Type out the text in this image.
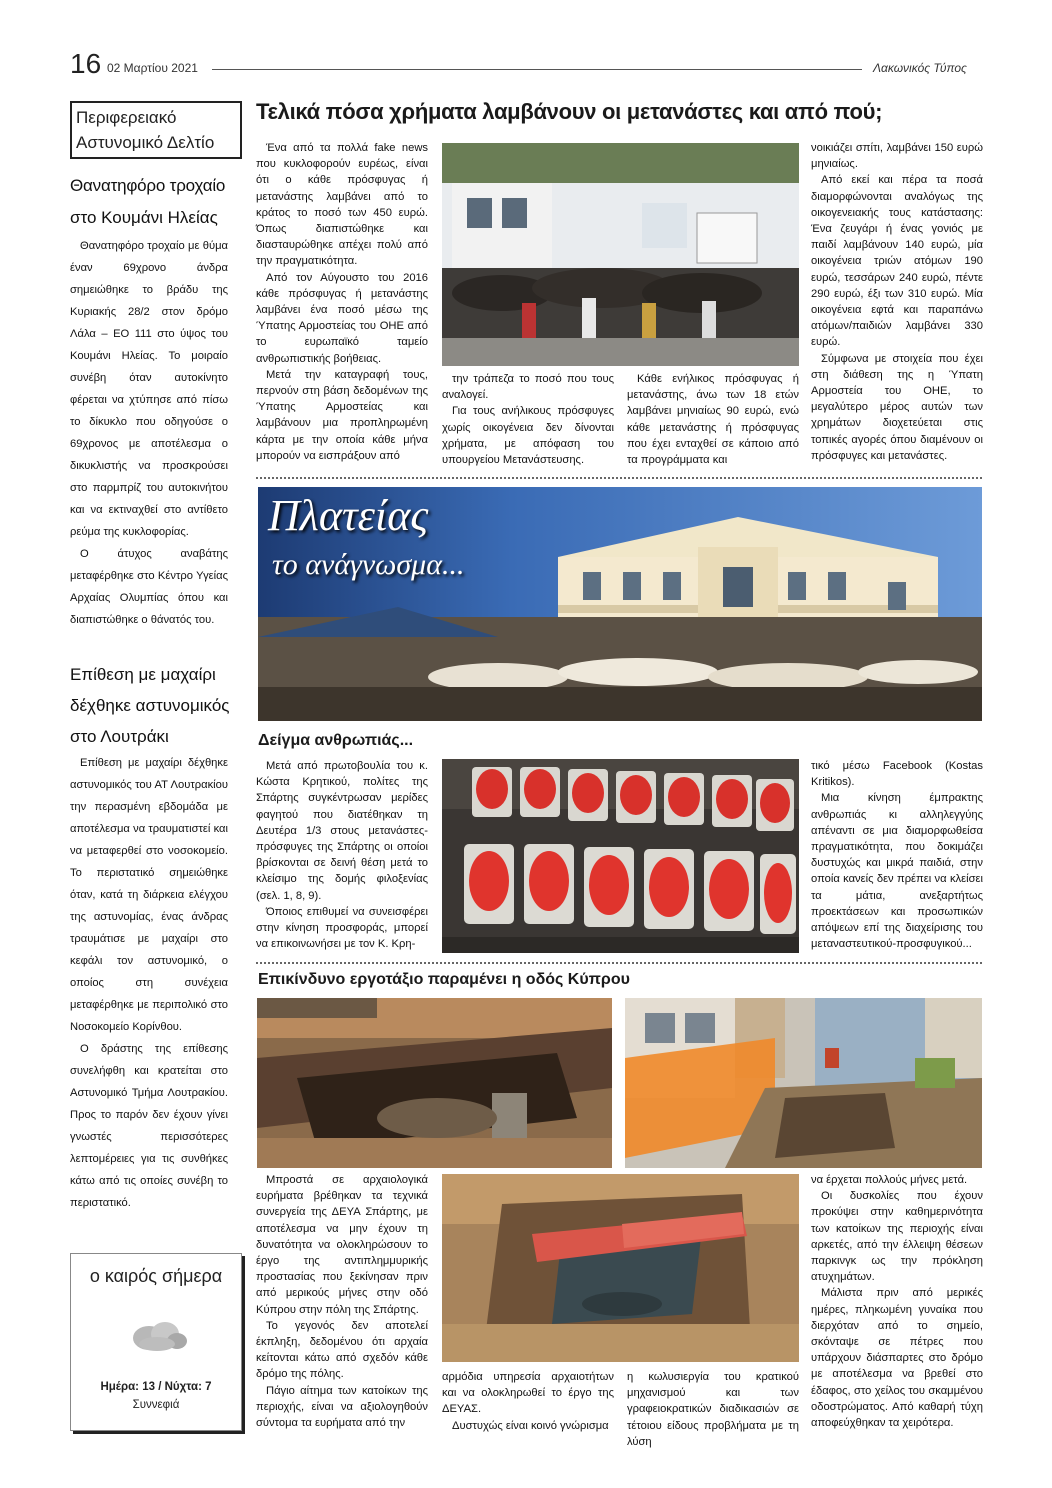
16 02 Μαρτίου 2021	Λακωνικός Τύπος
Περιφερειακό
Αστυνομικό Δελτίο
Θανατηφόρο τροχαίο
στο Κουμάνι Ηλείας

Θανατηφόρο τροχαίο με θύμα έναν 69χρονο άνδρα σημειώθηκε το βράδυ της Κυριακής 28/2 στον δρόμο Λάλα – ΕΟ 111 στο ύψος του Κουμάνι Ηλείας. Το μοιραίο συνέβη όταν αυτοκίνητο φέρεται να χτύπησε από πίσω το δίκυκλο που οδηγούσε ο 69χρονος με αποτέλεσμα ο δικυκλιστής να προσκρούσει στο παρμπρίζ του αυτοκινήτου και να εκτιναχθεί στο αντίθετο ρεύμα της κυκλοφορίας.

Ο άτυχος αναβάτης μεταφέρθηκε στο Κέντρο Υγείας Αρχαίας Ολυμπίας όπου και διαπιστώθηκε ο θάνατός του.

Επίθεση με μαχαίρι
δέχθηκε αστυνομικός
στο Λουτράκι

Επίθεση με μαχαίρι δέχθηκε αστυνομικός του ΑΤ Λουτρακίου την περασμένη εβδομάδα με αποτέλεσμα να τραυματιστεί και να μεταφερθεί στο νοσοκομείο. Το περιστατικό σημειώθηκε όταν, κατά τη διάρκεια ελέγχου της αστυνομίας, ένας άνδρας τραυμάτισε με μαχαίρι στο κεφάλι τον αστυνομικό, ο οποίος στη συνέχεια μεταφέρθηκε με περιπολικό στο Νοσοκομείο Κορίνθου.

Ο δράστης της επίθεσης συνελήφθη και κρατείται στο Αστυνομικό Τμήμα Λουτρακίου. Προς το παρόν δεν έχουν γίνει γνωστές περισσότερες λεπτομέρειες για τις συνθήκες κάτω από τις οποίες συνέβη το περιστατικό.

ο καιρός σήμερα
Ημέρα: 13 / Νύχτα: 7
Συννεφιά
Τελικά πόσα χρήματα λαμβάνουν οι μετανάστες και από πού;

Ένα από τα πολλά fake news που κυκλοφορούν ευρέως, είναι ότι ο κάθε πρόσφυγας ή μετανάστης λαμβάνει από το κράτος το ποσό των 450 ευρώ. Όπως διαπιστώθηκε και διασταυρώθηκε απέχει πολύ από την πραγματικότητα.

Από τον Αύγουστο του 2016 κάθε πρόσφυγας ή μετανάστης λαμβάνει ένα ποσό μέσω της Ύπατης Αρμοστείας του ΟΗΕ από το ευρωπαϊκό ταμείο ανθρωπιστικής βοήθειας.

Μετά την καταγραφή τους, περνούν στη βάση δεδομένων της Ύπατης Αρμοστείας και λαμβάνουν μια προπληρωμένη κάρτα με την οποία κάθε μήνα μπορούν να εισπράξουν από

την τράπεζα το ποσό που τους αναλογεί.

Για τους ανήλικους πρόσφυγες χωρίς οικογένεια δεν δίνονται χρήματα, με απόφαση του υπουργείου Μετανάστευσης.

Κάθε ενήλικος πρόσφυγας ή μετανάστης, άνω των 18 ετών λαμβάνει μηνιαίως 90 ευρώ, ενώ κάθε μετανάστης ή πρόσφυγας που έχει ενταχθεί σε κάποιο από τα προγράμματα και

νοικιάζει σπίτι, λαμβάνει 150 ευρώ μηνιαίως.

Από εκεί και πέρα τα ποσά διαμορφώνονται αναλόγως της οικογενειακής τους κατάστασης: Ένα ζευγάρι ή ένας γονιός με παιδί λαμβάνουν 140 ευρώ, μία οικογένεια τριών ατόμων 190 ευρώ, τεσσάρων 240 ευρώ, πέντε 290 ευρώ, έξι των 310 ευρώ. Μία οικογένεια εφτά και παραπάνω ατόμων/παιδιών λαμβάνει 330 ευρώ.

Σύμφωνα με στοιχεία που έχει στη διάθεση της η Ύπατη Αρμοστεία του ΟΗΕ, το μεγαλύτερο μέρος αυτών των χρημάτων διοχετεύεται στις τοπικές αγορές όπου διαμένουν οι πρόσφυγες και μετανάστες.

Πλατείας
το ανάγνωσμα...
Δείγμα ανθρωπιάς...

Μετά από πρωτοβουλία του κ. Κώστα Κρητικού, πολίτες της Σπάρτης συγκέντρωσαν μερίδες φαγητού που διατέθηκαν τη Δευτέρα 1/3 στους μετανάστες-πρόσφυγες της Σπάρτης οι οποίοι βρίσκονται σε δεινή θέση μετά το κλείσιμο της δομής φιλοξενίας (σελ. 1, 8, 9).

Όποιος επιθυμεί να συνεισφέρει στην κίνηση προσφοράς, μπορεί να επικοινωνήσει με τον Κ. Κρη-

τικό μέσω Facebook (Kostas Kritikos).

Μια κίνηση έμπρακτης ανθρωπιάς κι αλληλεγγύης απέναντι σε μια διαμορφωθείσα πραγματικότητα, που δοκιμάζει δυστυχώς και μικρά παιδιά, στην οποία κανείς δεν πρέπει να κλείσει τα μάτια, ανεξαρτήτως προεκτάσεων και προσωπικών απόψεων επί της διαχείρισης του μεταναστευτικού-προσφυγικού...

Επικίνδυνο εργοτάξιο παραμένει η οδός Κύπρου

Μπροστά σε αρχαιολογικά ευρήματα βρέθηκαν τα τεχνικά συνεργεία της ΔΕΥΑ Σπάρτης, με αποτέλεσμα να μην έχουν τη δυνατότητα να ολοκληρώσουν το έργο της αντιπλημμυρικής προστασίας που ξεκίνησαν πριν από μερικούς μήνες στην οδό Κύπρου στην πόλη της Σπάρτης.

Το γεγονός δεν αποτελεί έκπληξη, δεδομένου ότι αρχαία κείτονται κάτω από σχεδόν κάθε δρόμο της πόλης.

Πάγιο αίτημα των κατοίκων της περιοχής, είναι να αξιολογηθούν σύντομα τα ευρήματα από την

αρμόδια υπηρεσία αρχαιοτήτων και να ολοκληρωθεί το έργο της ΔΕΥΑΣ.

Δυστυχώς είναι κοινό γνώρισμα

η κωλυσιεργία του κρατικού μηχανισμού και των γραφειοκρατικών διαδικασιών σε τέτοιου είδους προβλήματα με τη λύση

να έρχεται πολλούς μήνες μετά.

Οι δυσκολίες που έχουν προκύψει στην καθημερινότητα των κατοίκων της περιοχής είναι αρκετές, από την έλλειψη θέσεων παρκινγκ ως την πρόκληση ατυχημάτων.

Μάλιστα πριν από μερικές ημέρες, πληκωμένη γυναίκα που διερχόταν από το σημείο, σκόνταψε σε πέτρες που υπάρχουν διάσπαρτες στο δρόμο με αποτέλεσμα να βρεθεί στο έδαφος, στο χείλος του σκαμμένου οδοστρώματος. Από καθαρή τύχη αποφεύχθηκαν τα χειρότερα.
